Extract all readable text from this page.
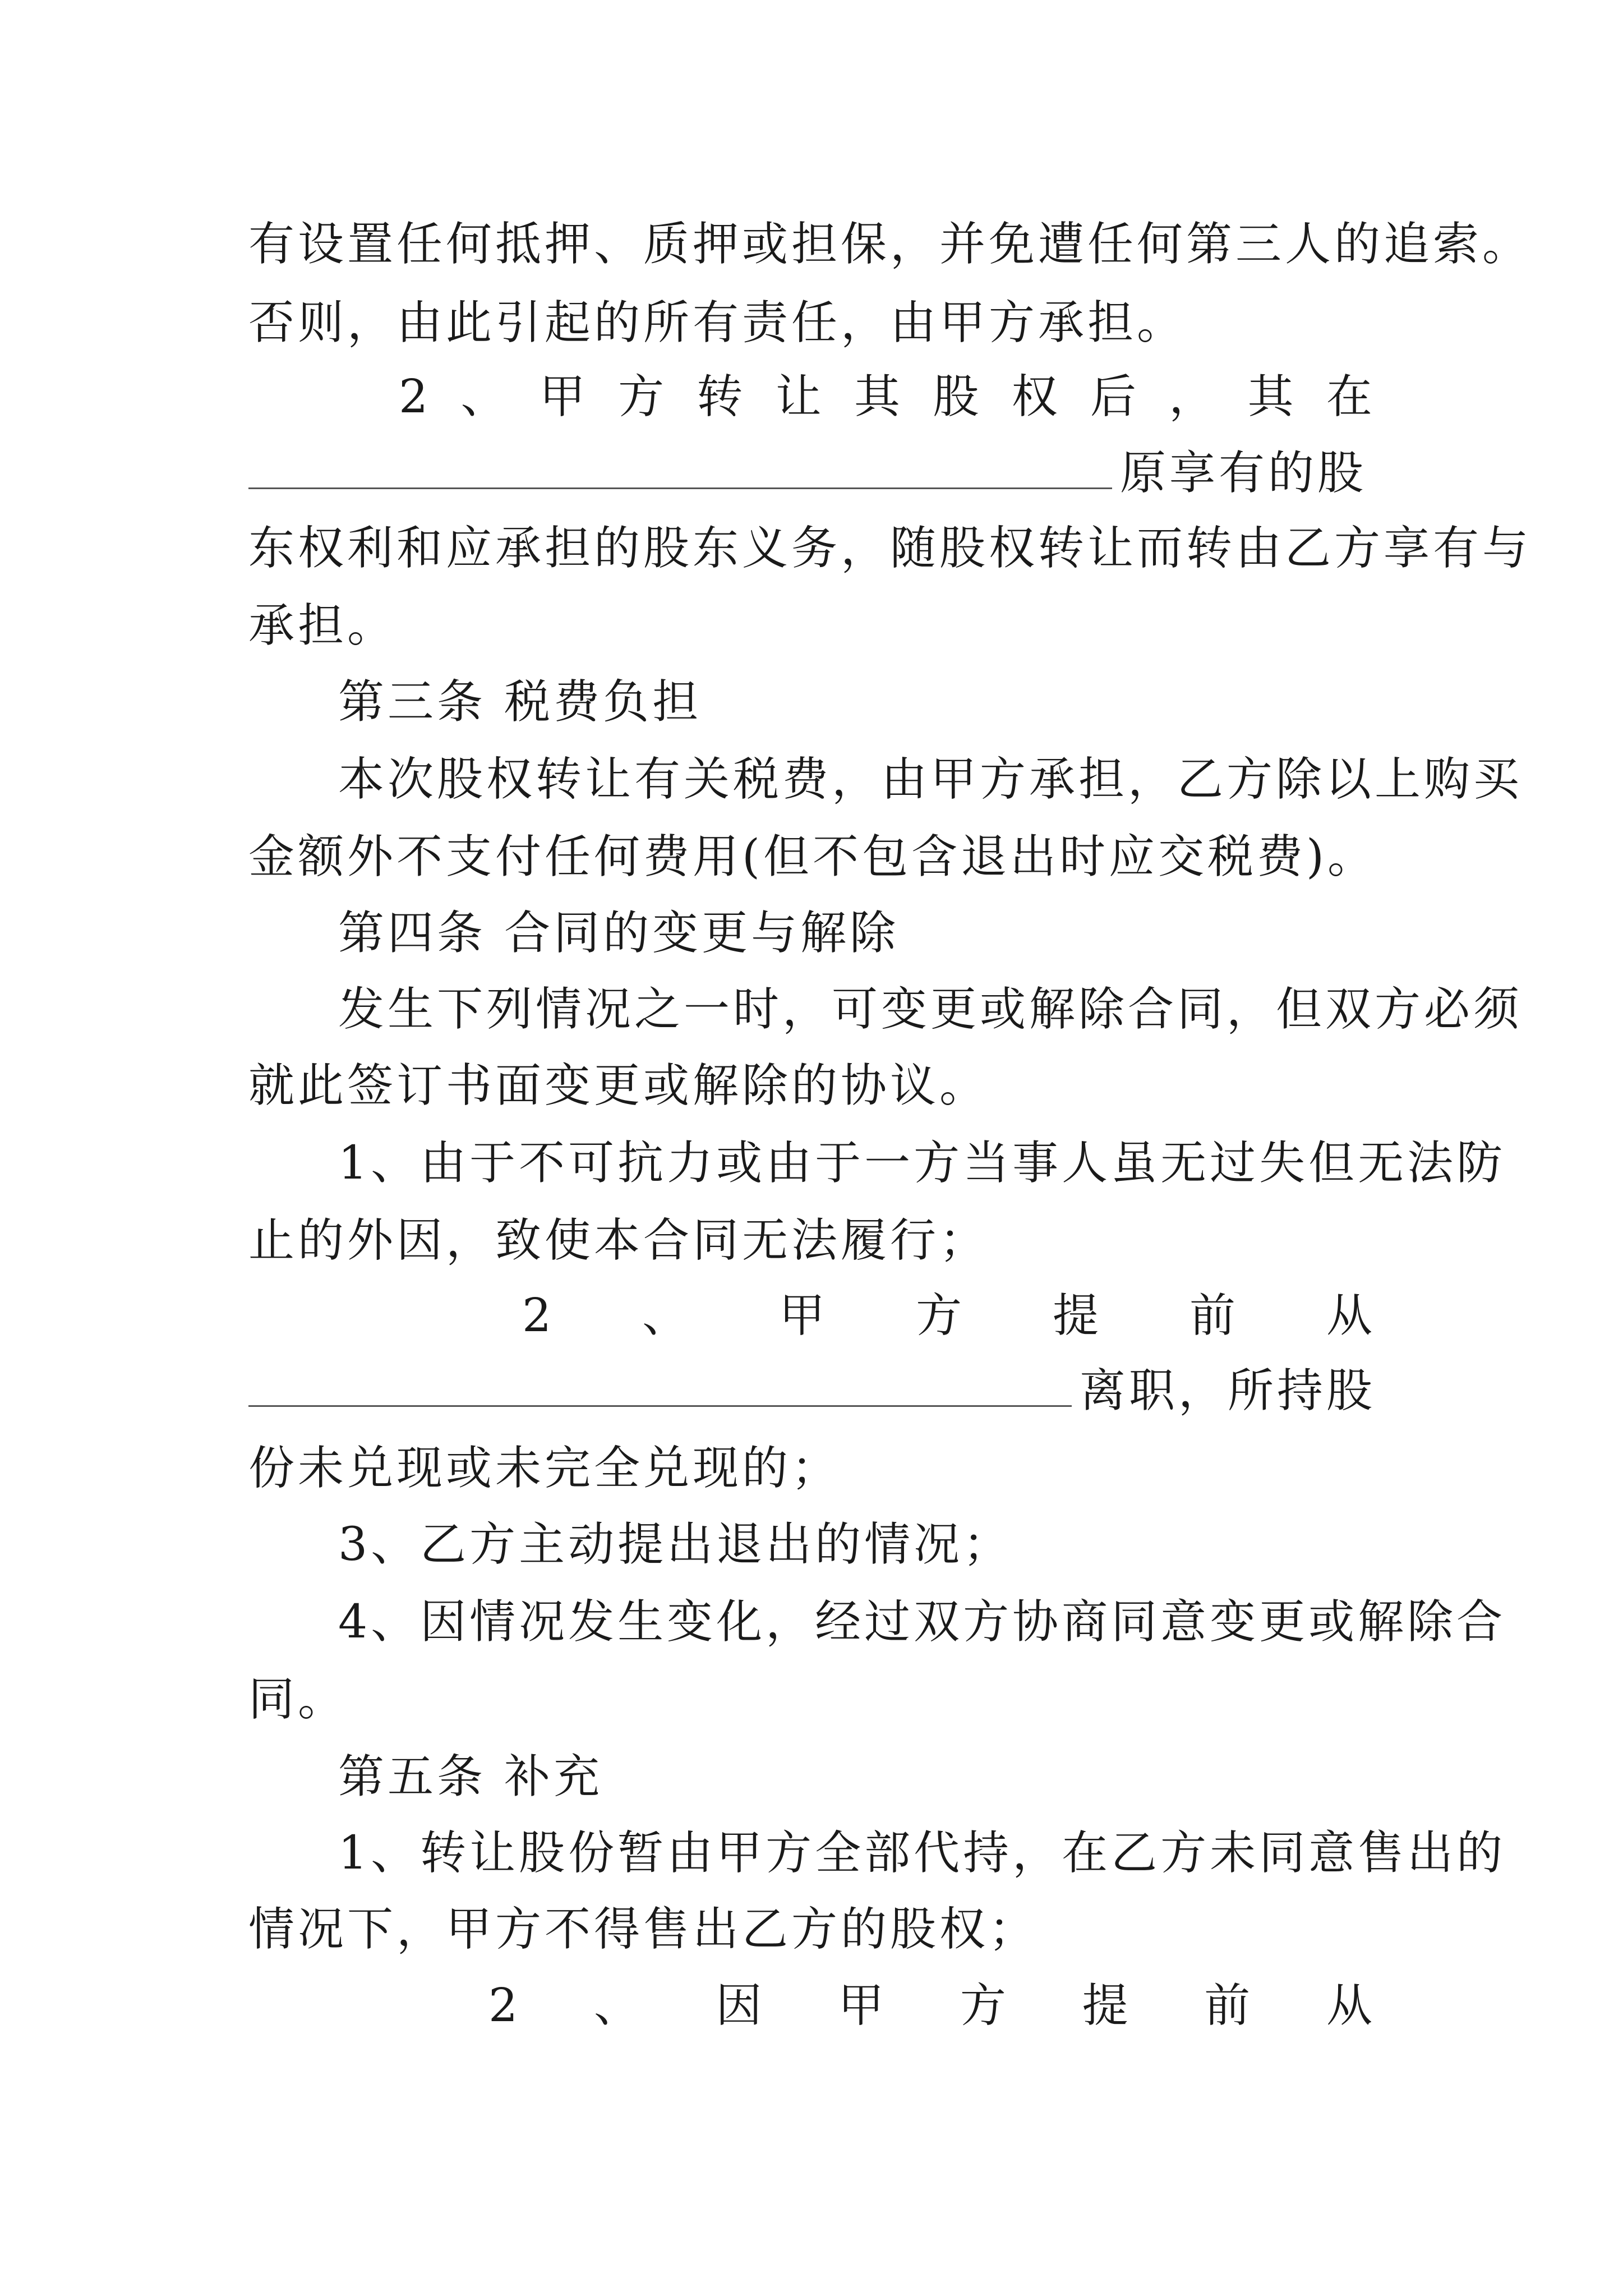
有设置任何抵押、质押或担保，并免遭任何第三人的追索。
否则，由此引起的所有责任，由甲方承担。
2 、 甲 方 转 让 其 股 权 后 ， 其 在
原享有的股
东权利和应承担的股东义务，随股权转让而转由乙方享有与
承担。
第三条 税费负担
本次股权转让有关税费，由甲方承担，乙方除以上购买
金额外不支付任何费用(但不包含退出时应交税费)。
第四条 合同的变更与解除
发生下列情况之一时，可变更或解除合同，但双方必须
就此签订书面变更或解除的协议。
1、由于不可抗力或由于一方当事人虽无过失但无法防
止的外因，致使本合同无法履行；
2 、 甲 方 提 前 从
离职，所持股
份未兑现或未完全兑现的；
3、乙方主动提出退出的情况；
4、因情况发生变化，经过双方协商同意变更或解除合
同。
第五条 补充
1、转让股份暂由甲方全部代持，在乙方未同意售出的
情况下，甲方不得售出乙方的股权；
2 、 因 甲 方 提 前 从
